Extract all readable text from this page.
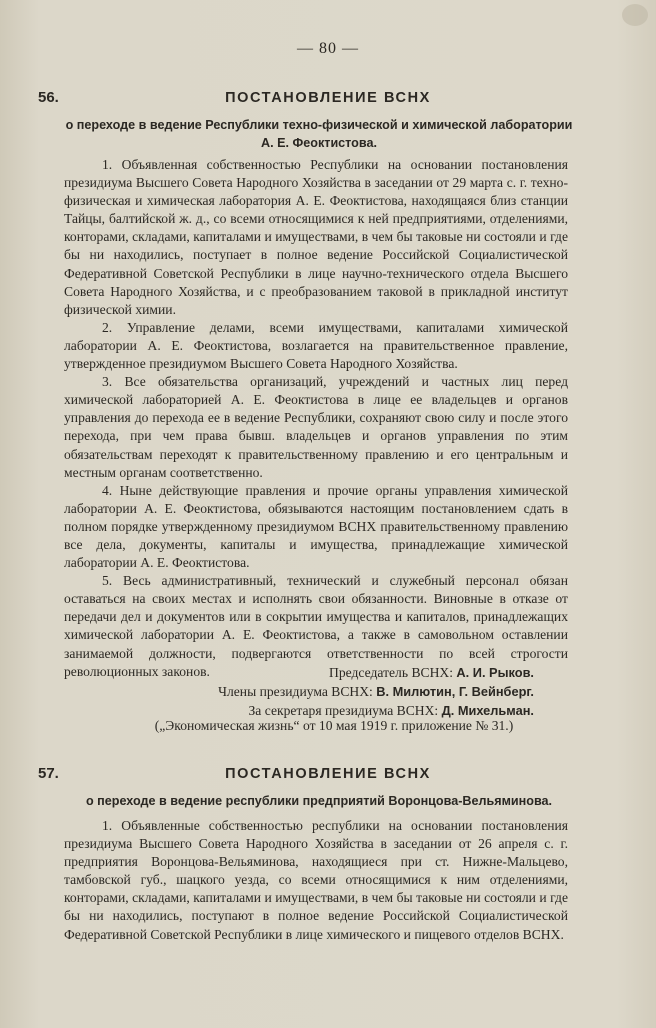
— 80 —
56.	ПОСТАНОВЛЕНИЕ ВСНХ
о переходе в ведение Республики техно-физической и химической лаборатории А. Е. Феоктистова.

1. Объявленная собственностью Республики на основании постановления президиума Высшего Совета Народного Хозяйства в заседании от 29 марта с. г. техно-физическая и химическая лаборатория А. Е. Феоктистова, находящаяся близ станции Тайцы, балтийской ж. д., со всеми относящимися к ней предприятиями, отделениями, конторами, складами, капиталами и имуществами, в чем бы таковые ни состояли и где бы ни находились, поступает в полное ведение Российской Социалистической Федеративной Советской Республики в лице научно-технического отдела Высшего Совета Народного Хозяйства, и с преобразованием таковой в прикладной институт физической химии.

2. Управление делами, всеми имуществами, капиталами химической лаборатории А. Е. Феоктистова, возлагается на правительственное правление, утвержденное президиумом Высшего Совета Народного Хозяйства.

3. Все обязательства организаций, учреждений и частных лиц перед химической лабораторией А. Е. Феоктистова в лице ее владельцев и органов управления до перехода ее в ведение Республики, сохраняют свою силу и после этого перехода, при чем права бывш. владельцев и органов управления по этим обязательствам переходят к правительственному правлению и его центральным и местным органам соответственно.

4. Ныне действующие правления и прочие органы управления химической лаборатории А. Е. Феоктистова, обязываются настоящим постановлением сдать в полном порядке утвержденному президиумом ВСНХ правительственному правлению все дела, документы, капиталы и имущества, принадлежащие химической лаборатории А. Е. Феоктистова.

5. Весь административный, технический и служебный персонал обязан оставаться на своих местах и исполнять свои обязанности. Виновные в отказе от передачи дел и документов или в сокрытии имущества и капиталов, принадлежащих химической лаборатории А. Е. Феоктистова, а также в самовольном оставлении занимаемой должности, подвергаются ответственности по всей строгости революционных законов.	Председатель ВСНХ: А. И. Рыков.
Члены президиума ВСНХ: В. Милютин, Г. Вейнберг.
За секретаря президиума ВСНХ: Д. Михельман.
(„Экономическая жизнь“ от 10 мая 1919 г. приложение № 31.)
57.	ПОСТАНОВЛЕНИЕ ВСНХ
о переходе в ведение республики предприятий Воронцова-Вельяминова.

1. Объявленные собственностью республики на основании постановления президиума Высшего Совета Народного Хозяйства в заседании от 26 апреля с. г. предприятия Воронцова-Вельяминова, находящиеся при ст. Нижне-Мальцево, тамбовской губ., шацкого уезда, со всеми относящимися к ним отделениями, конторами, складами, капиталами и имуществами, в чем бы таковые ни состояли и где бы ни находились, поступают в полное ведение Российской Социалистической Федеративной Советской Республики в лице химического и пищевого отделов ВСНХ.
